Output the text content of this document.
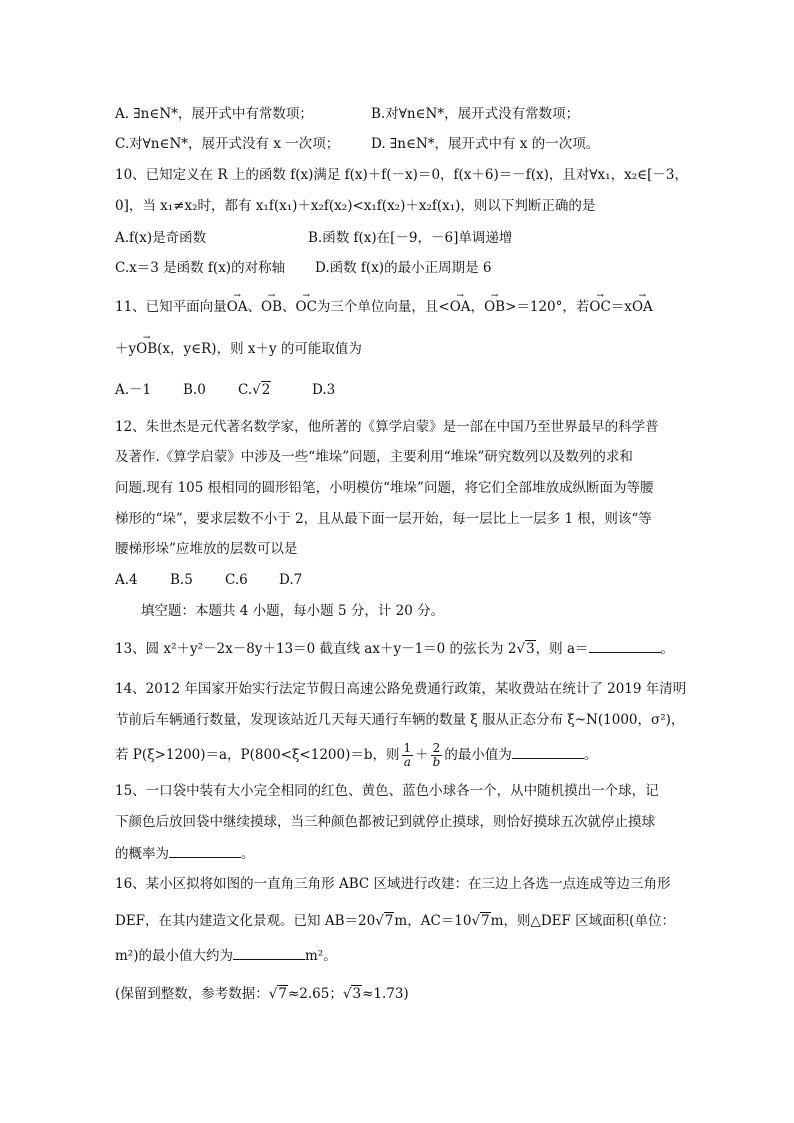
A. ∃n∈N*，展开式中有常数项；	B.对∀n∈N*，展开式没有常数项；
C.对∀n∈N*，展开式没有 x 一次项； D. ∃n∈N*，展开式中有 x 的一次项。
10、已知定义在 R 上的函数 f(x)满足 f(x)＋f(－x)＝0，f(x＋6)＝－f(x)，且对∀x₁，x₂∈[－3，
0]，当 x₁≠x₂时，都有 x₁f(x₁)＋x₂f(x₂)<x₁f(x₂)＋x₂f(x₁)，则以下判断正确的是
A.f(x)是奇函数	B.函数 f(x)在[－9，－6]单调递增
C.x＝3 是函数 f(x)的对称轴 D.函数 f(x)的最小正周期是 6
11、已知平面向量→ OA、→ OB、→ OC为三个单位向量，且<→ OA，→ OB>＝120°，若→ OC＝x→ OA
＋y→ OB(x，y∈R)，则 x＋y 的可能取值为
A.－1 B.0 C.√2	D.3
12、朱世杰是元代著名数学家，他所著的《算学启蒙》是一部在中国乃至世界最早的科学普
及著作.《算学启蒙》中涉及一些“堆垛”问题，主要利用“堆垛”研究数列以及数列的求和
问题.现有 105 根相同的圆形铅笔，小明模仿“堆垛”问题，将它们全部堆放成纵断面为等腰
梯形的“垛”，要求层数不小于 2，且从最下面一层开始，每一层比上一层多 1 根，则该“等
腰梯形垛”应堆放的层数可以是
A.4 B.5 C.6 D.7
填空题：本题共 4 小题，每小题 5 分，计 20 分。
13、圆 x²＋y²－2x－8y＋13＝0 截直线 ax＋y－1＝0 的弦长为 2√3，则 a＝	。
14、2012 年国家开始实行法定节假日高速公路免费通行政策，某收费站在统计了 2019 年清明
节前后车辆通行数量，发现该站近几天每天通行车辆的数量 ξ 服从正态分布 ξ~N(1000，σ²)，
若 P(ξ>1200)＝a，P(800<ξ<1200)＝b，则 $\frac{1}{a} + \frac{2}{b}$ 的最小值为	。
15、一口袋中装有大小完全相同的红色、黄色、蓝色小球各一个，从中随机摸出一个球，记
下颜色后放回袋中继续摸球，当三种颜色都被记到就停止摸球，则恰好摸球五次就停止摸球
的概率为	。
16、某小区拟将如图的一直角三角形 ABC 区域进行改建：在三边上各选一点连成等边三角形
DEF，在其内建造文化景观。已知 AB＝20√7m，AC＝10√7m，则△DEF 区域面积(单位：
m²)的最小值大约为	m²。
(保留到整数，参考数据：√7≈2.65；√3≈1.73)
